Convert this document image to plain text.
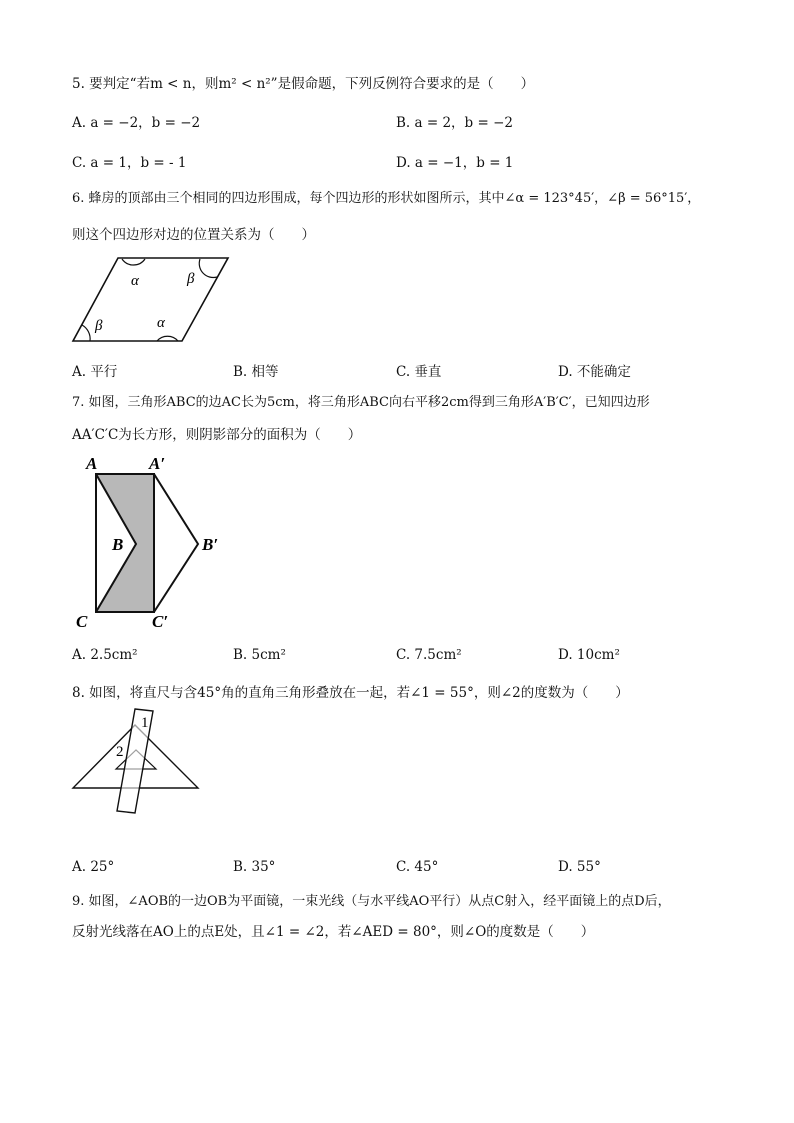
5. 要判定“若m < n，则m² < n²”是假命题，下列反例符合要求的是（　　）
A. a = −2，b = −2	B. a = 2，b = −2
C. a = 1，b = - 1	D. a = −1，b = 1
6. 蜂房的顶部由三个相同的四边形围成，每个四边形的形状如图所示，其中∠α = 123°45′，∠β = 56°15′，
则这个四边形对边的位置关系为（　　）
α	β
β	α
A. 平行	B. 相等	C. 垂直	D. 不能确定
7. 如图，三角形ABC的边AC长为5cm，将三角形ABC向右平移2cm得到三角形A′B′C′，已知四边形
AA′C′C为长方形，则阴影部分的面积为（　　）
A	A′
B	B′
C	C′
A. 2.5cm²	B. 5cm²	C. 7.5cm²	D. 10cm²
8. 如图，将直尺与含45°角的直角三角形叠放在一起，若∠1 = 55°，则∠2的度数为（　　）
1
2
A. 25°	B. 35°	C. 45°	D. 55°
9. 如图，∠AOB的一边OB为平面镜，一束光线（与水平线AO平行）从点C射入，经平面镜上的点D后，
反射光线落在AO上的点E处，且∠1 = ∠2，若∠AED = 80°，则∠O的度数是（　　）
